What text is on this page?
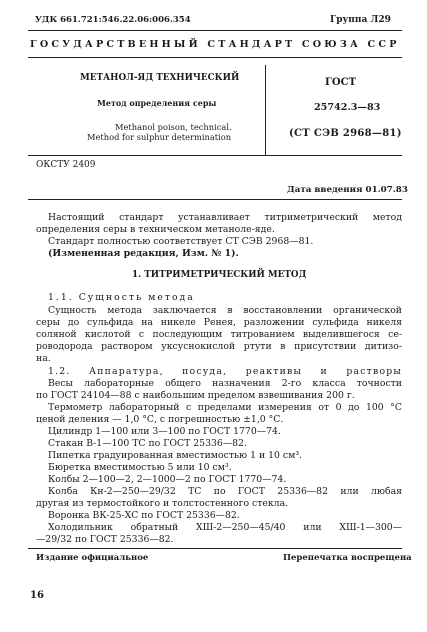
УДК 661.721:546.22.06:006.354	Группа Л29
ГОСУДАРСТВЕННЫЙ СТАНДАРТ СОЮЗА ССР
МЕТАНОЛ-ЯД ТЕХНИЧЕСКИЙ
Метод определения серы
Methanol poison, technical.
Method for sulphur determination
ГОСТ
25742.3—83
(СТ СЭВ 2968—81)
ОКСТУ 2409
Дата введения 01.07.83
Настоящий стандарт устанавливает титриметрический метод
определения серы в техническом метаноле-яде.
Стандарт полностью соответствует СТ СЭВ 2968—81.
(Измененная редакция, Изм. № 1).
1. ТИТРИМЕТРИЧЕСКИЙ МЕТОД
1.1. Сущность метода
Сущность метода заключается в восстановлении органической
серы до сульфида на никеле Ренея, разложении сульфида никеля
соляной кислотой с последующим титрованием выделившегося се-
роводорода раствором уксуснокислой ртути в присутствии дитизо-
на.
1.2. Аппаратура, посуда, реактивы и растворы
Весы лабораторные общего назначения 2-го класса точности
по ГОСТ 24104—88 с наибольшим пределом взвешивания 200 г.
Термометр лабораторный с пределами измерения от 0 до 100 °С
ценой деления — 1,0 °С, с погрешностью ±1,0 °С.
Цилиндр 1—100 или 3—100 по ГОСТ 1770—74.
Стакан В-1—100 ТС по ГОСТ 25336—82.
Пипетка градуированная вместимостью 1 и 10 см³.
Бюретка вместимостью 5 или 10 см³.
Колбы 2—100—2, 2—1000—2 по ГОСТ 1770—74.
Колба Кн-2—250—29/32 ТС по ГОСТ 25336—82 или любая
другая из термостойкого и толстостенного стекла.
Воронка ВК-25-ХС по ГОСТ 25336—82.
Холодильник обратный ХШ-2—250—45/40 или ХШ-1—300—
—29/32 по ГОСТ 25336—82.
Издание официальное	Перепечатка воспрещена
16
